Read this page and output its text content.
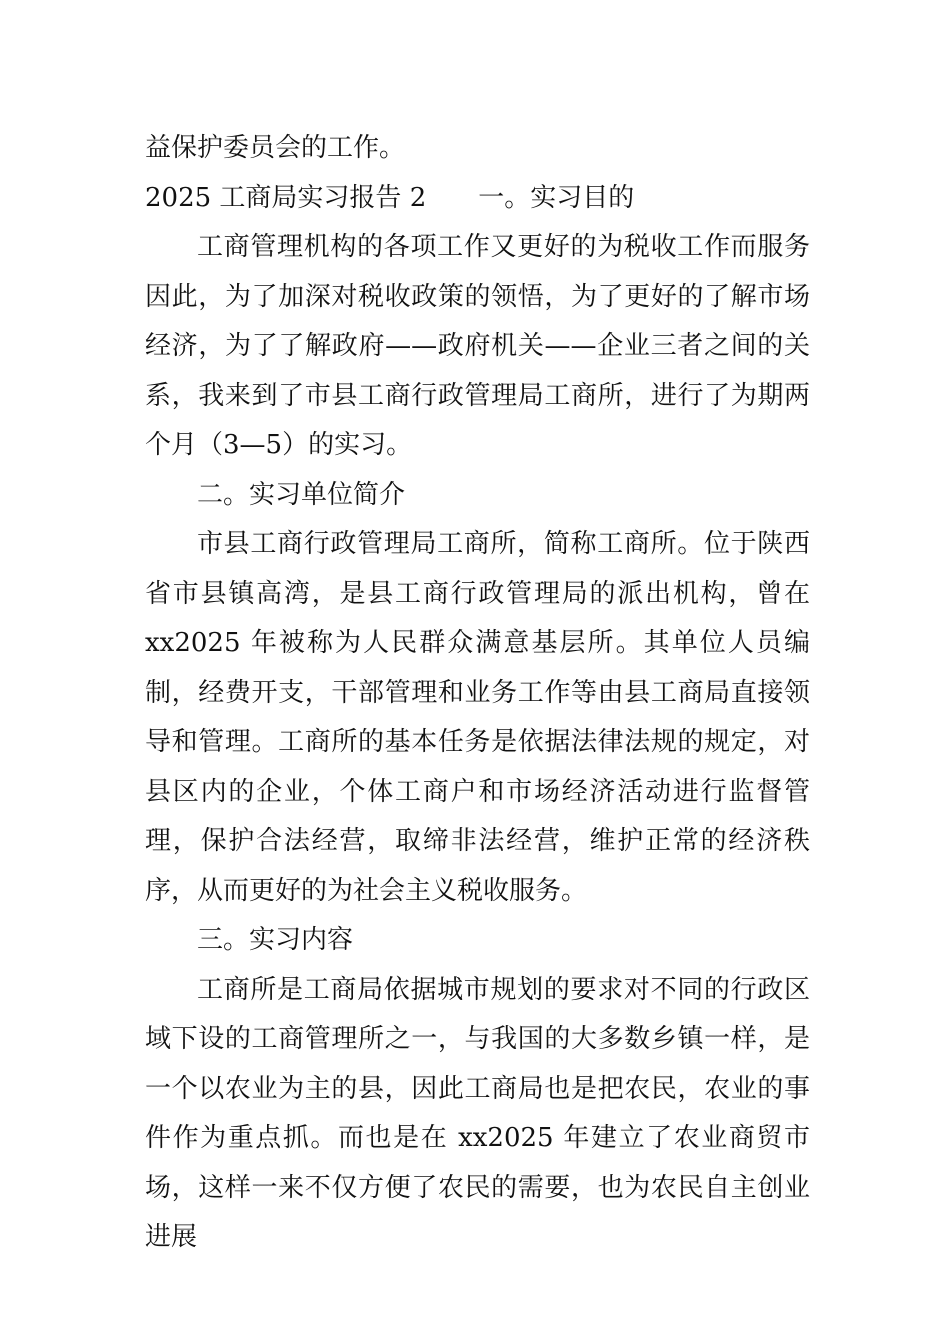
益保护委员会的工作。

2025 工商局实习报告 2 一。实习目的

工商管理机构的各项工作又更好的为税收工作而服务因此，为了加深对税收政策的领悟，为了更好的了解市场经济，为了了解政府——政府机关——企业三者之间的关系，我来到了市县工商行政管理局工商所，进行了为期两个月（3—5）的实习。

二。实习单位简介

市县工商行政管理局工商所，简称工商所。位于陕西省市县镇高湾，是县工商行政管理局的派出机构，曾在 xx2025 年被称为人民群众满意基层所。其单位人员编制，经费开支，干部管理和业务工作等由县工商局直接领导和管理。工商所的基本任务是依据法律法规的规定，对县区内的企业，个体工商户和市场经济活动进行监督管理，保护合法经营，取缔非法经营，维护正常的经济秩序，从而更好的为社会主义税收服务。

三。实习内容

工商所是工商局依据城市规划的要求对不同的行政区域下设的工商管理所之一，与我国的大多数乡镇一样，是一个以农业为主的县，因此工商局也是把农民，农业的事件作为重点抓。而也是在 xx2025 年建立了农业商贸市场，这样一来不仅方便了农民的需要，也为农民自主创业进展
